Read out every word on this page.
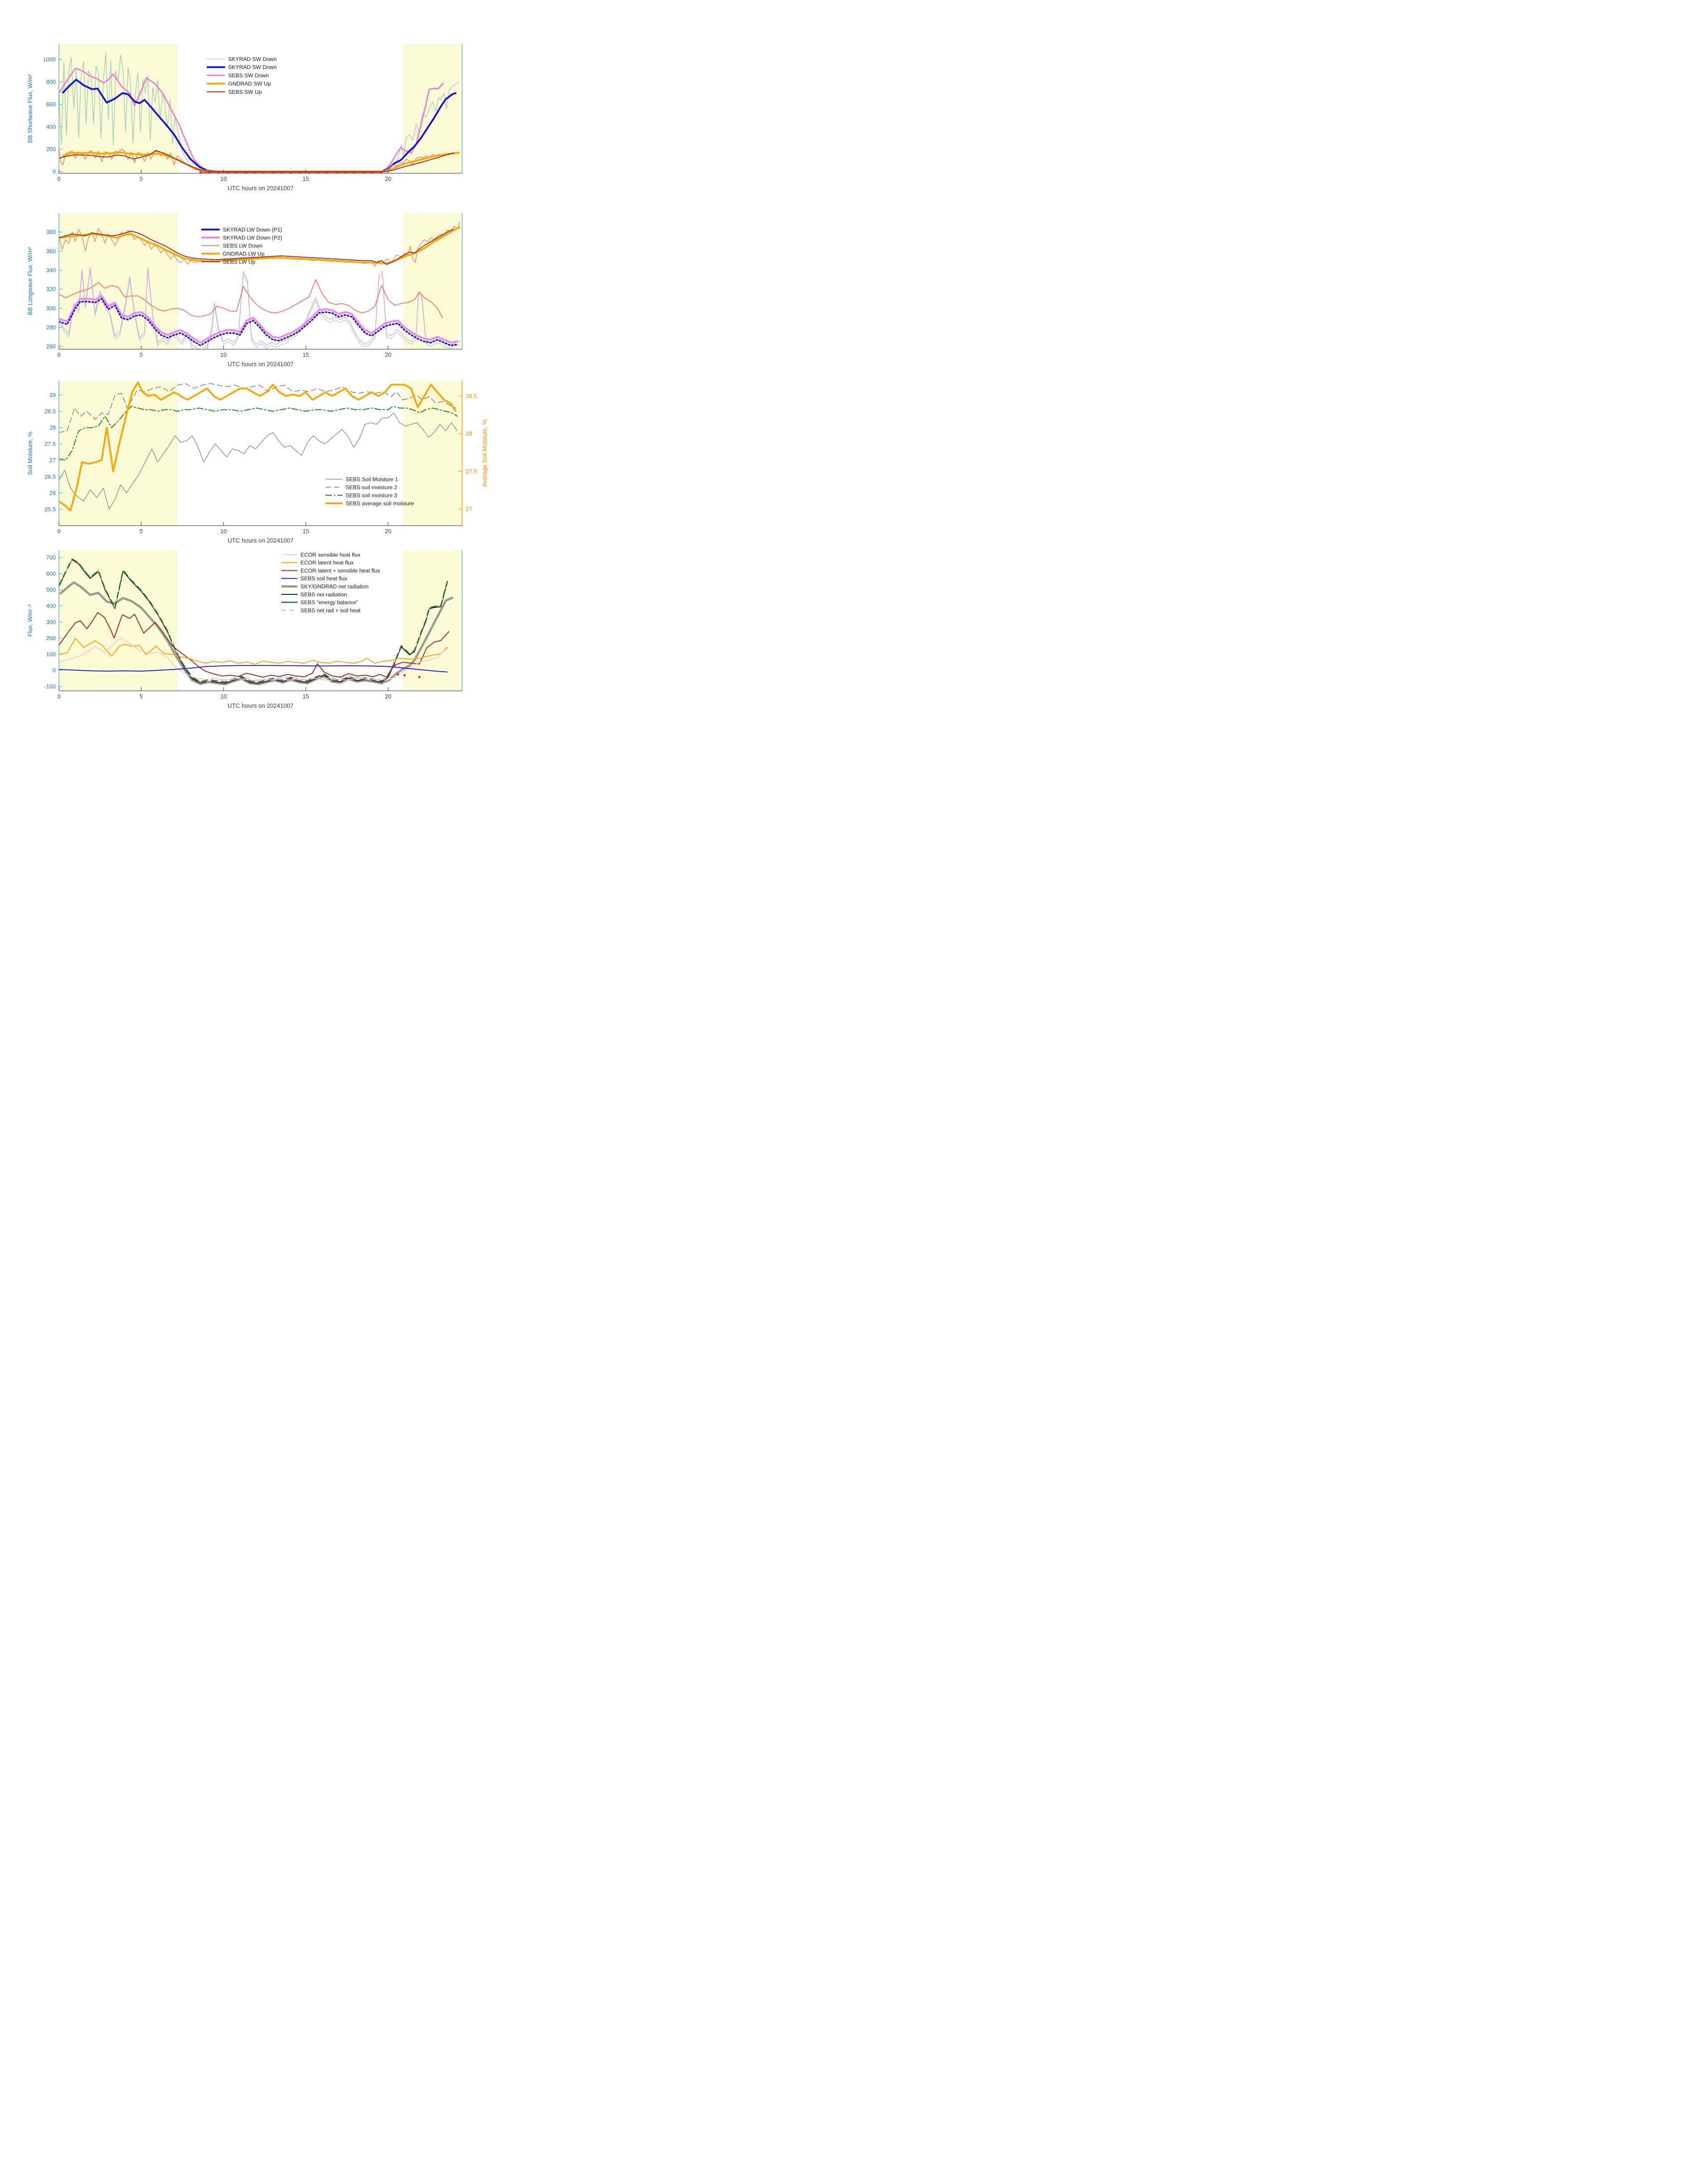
0
200
400
600
800
1000
0	5	10	15	20
UTC hours on 20241007
BB Shortwave Flux, W/m²
SKYRAD SW Down
SKYRAD SW Down
SEBS SW Down
GNDRAD SW Up
SEBS SW Up
260
280
300
320
340
360
380
0	5	10	15	20
UTC hours on 20241007
BB Longwave Flux, W/m²
SKYRAD LW Down (P1)
SKYRAD LW Down (P2)
SEBS LW Down
GNDRAD LW Up
SEBS LW Up
25.5
26
26.5
27
27.5
28
28.5
29
27
27.5
28
28.5
Average Soil Moisture, %
0	5	10	15	20
UTC hours on 20241007
Soil Moisture, %
SEBS Soil Moisture 1
SEBS soil moisture 2
SEBS soil moisture 3
SEBS average soil moisture
-100
0
100
200
300
400
500
600
700
0	5	10	15	20
UTC hours on 20241007
Flux, W/m⁻²
ECOR sensible heat flux
ECOR latent heat flux
ECOR latent + sensible heat flux
SEBS soil heat flux
SKY/GNDRAD net radiation
SEBS net radiation
SEBS "energy balance"
SEBS net rad + soil heat
